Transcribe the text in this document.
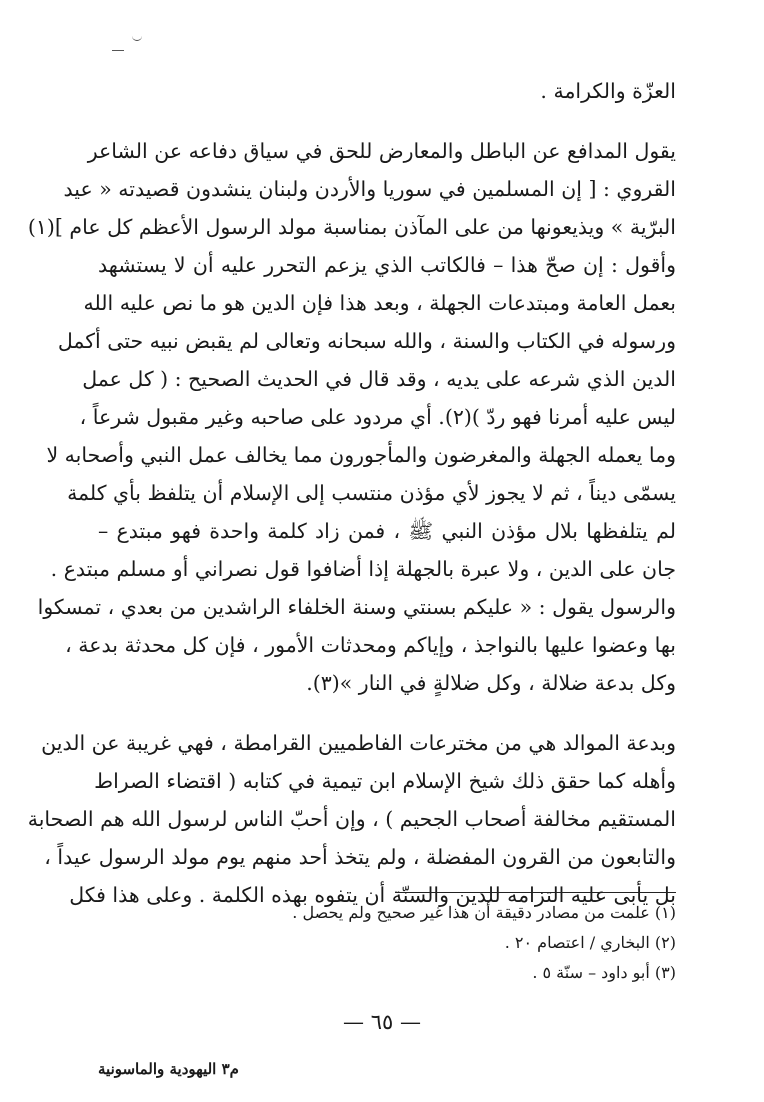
العزّة والكرامة .
يقول المدافع عن الباطل والمعارض للحق في سياق دفاعه عن الشاعر
القروي : [ إن المسلمين في سوريا والأردن ولبنان ينشدون قصيدته « عيد
البرّية » ويذيعونها من على المآذن بمناسبة مولد الرسول الأعظم كل عام ](١)
وأقول : إن صحّ هذا – فالكاتب الذي يزعم التحرر عليه أن لا يستشهد
بعمل العامة ومبتدعات الجهلة ، وبعد هذا فإن الدين هو ما نص عليه الله
ورسوله في الكتاب والسنة ، والله سبحانه وتعالى لم يقبض نبيه حتى أكمل
الدين الذي شرعه على يديه ، وقد قال في الحديث الصحيح : ( كل عمل
ليس عليه أمرنا فهو ردّ )(٢). أي مردود على صاحبه وغير مقبول شرعاً ،
وما يعمله الجهلة والمغرضون والمأجورون مما يخالف عمل النبي وأصحابه لا
يسمّى ديناً ، ثم لا يجوز لأي مؤذن منتسب إلى الإسلام أن يتلفظ بأي كلمة
لم يتلفظها بلال مؤذن النبي ﷺ ، فمن زاد كلمة واحدة فهو مبتدع –
جان على الدين ، ولا عبرة بالجهلة إذا أضافوا قول نصراني أو مسلم مبتدع .
والرسول يقول : « عليكم بسنتي وسنة الخلفاء الراشدين من بعدي ، تمسكوا
بها وعضوا عليها بالنواجذ ، وإياكم ومحدثات الأمور ، فإن كل محدثة بدعة ،
وكل بدعة ضلالة ، وكل ضلالةٍ في النار »(٣).
وبدعة الموالد هي من مخترعات الفاطميين القرامطة ، فهي غريبة عن الدين
وأهله كما حقق ذلك شيخ الإسلام ابن تيمية في كتابه ( اقتضاء الصراط
المستقيم مخالفة أصحاب الجحيم ) ، وإن أحبّ الناس لرسول الله هم الصحابة
والتابعون من القرون المفضلة ، ولم يتخذ أحد منهم يوم مولد الرسول عيداً ،
بل يأبى عليه التزامه للدين والسنّة أن يتفوه بهذه الكلمة . وعلى هذا فكل
(١) علمت من مصادر دقيقة أن هذا غير صحيح ولم يحصل .
(٢) البخاري / اعتصام ٢٠ .
(٣) أبو داود – سنّة ٥ .
— ٦٥ —
م٣ اليهودية والماسونية
